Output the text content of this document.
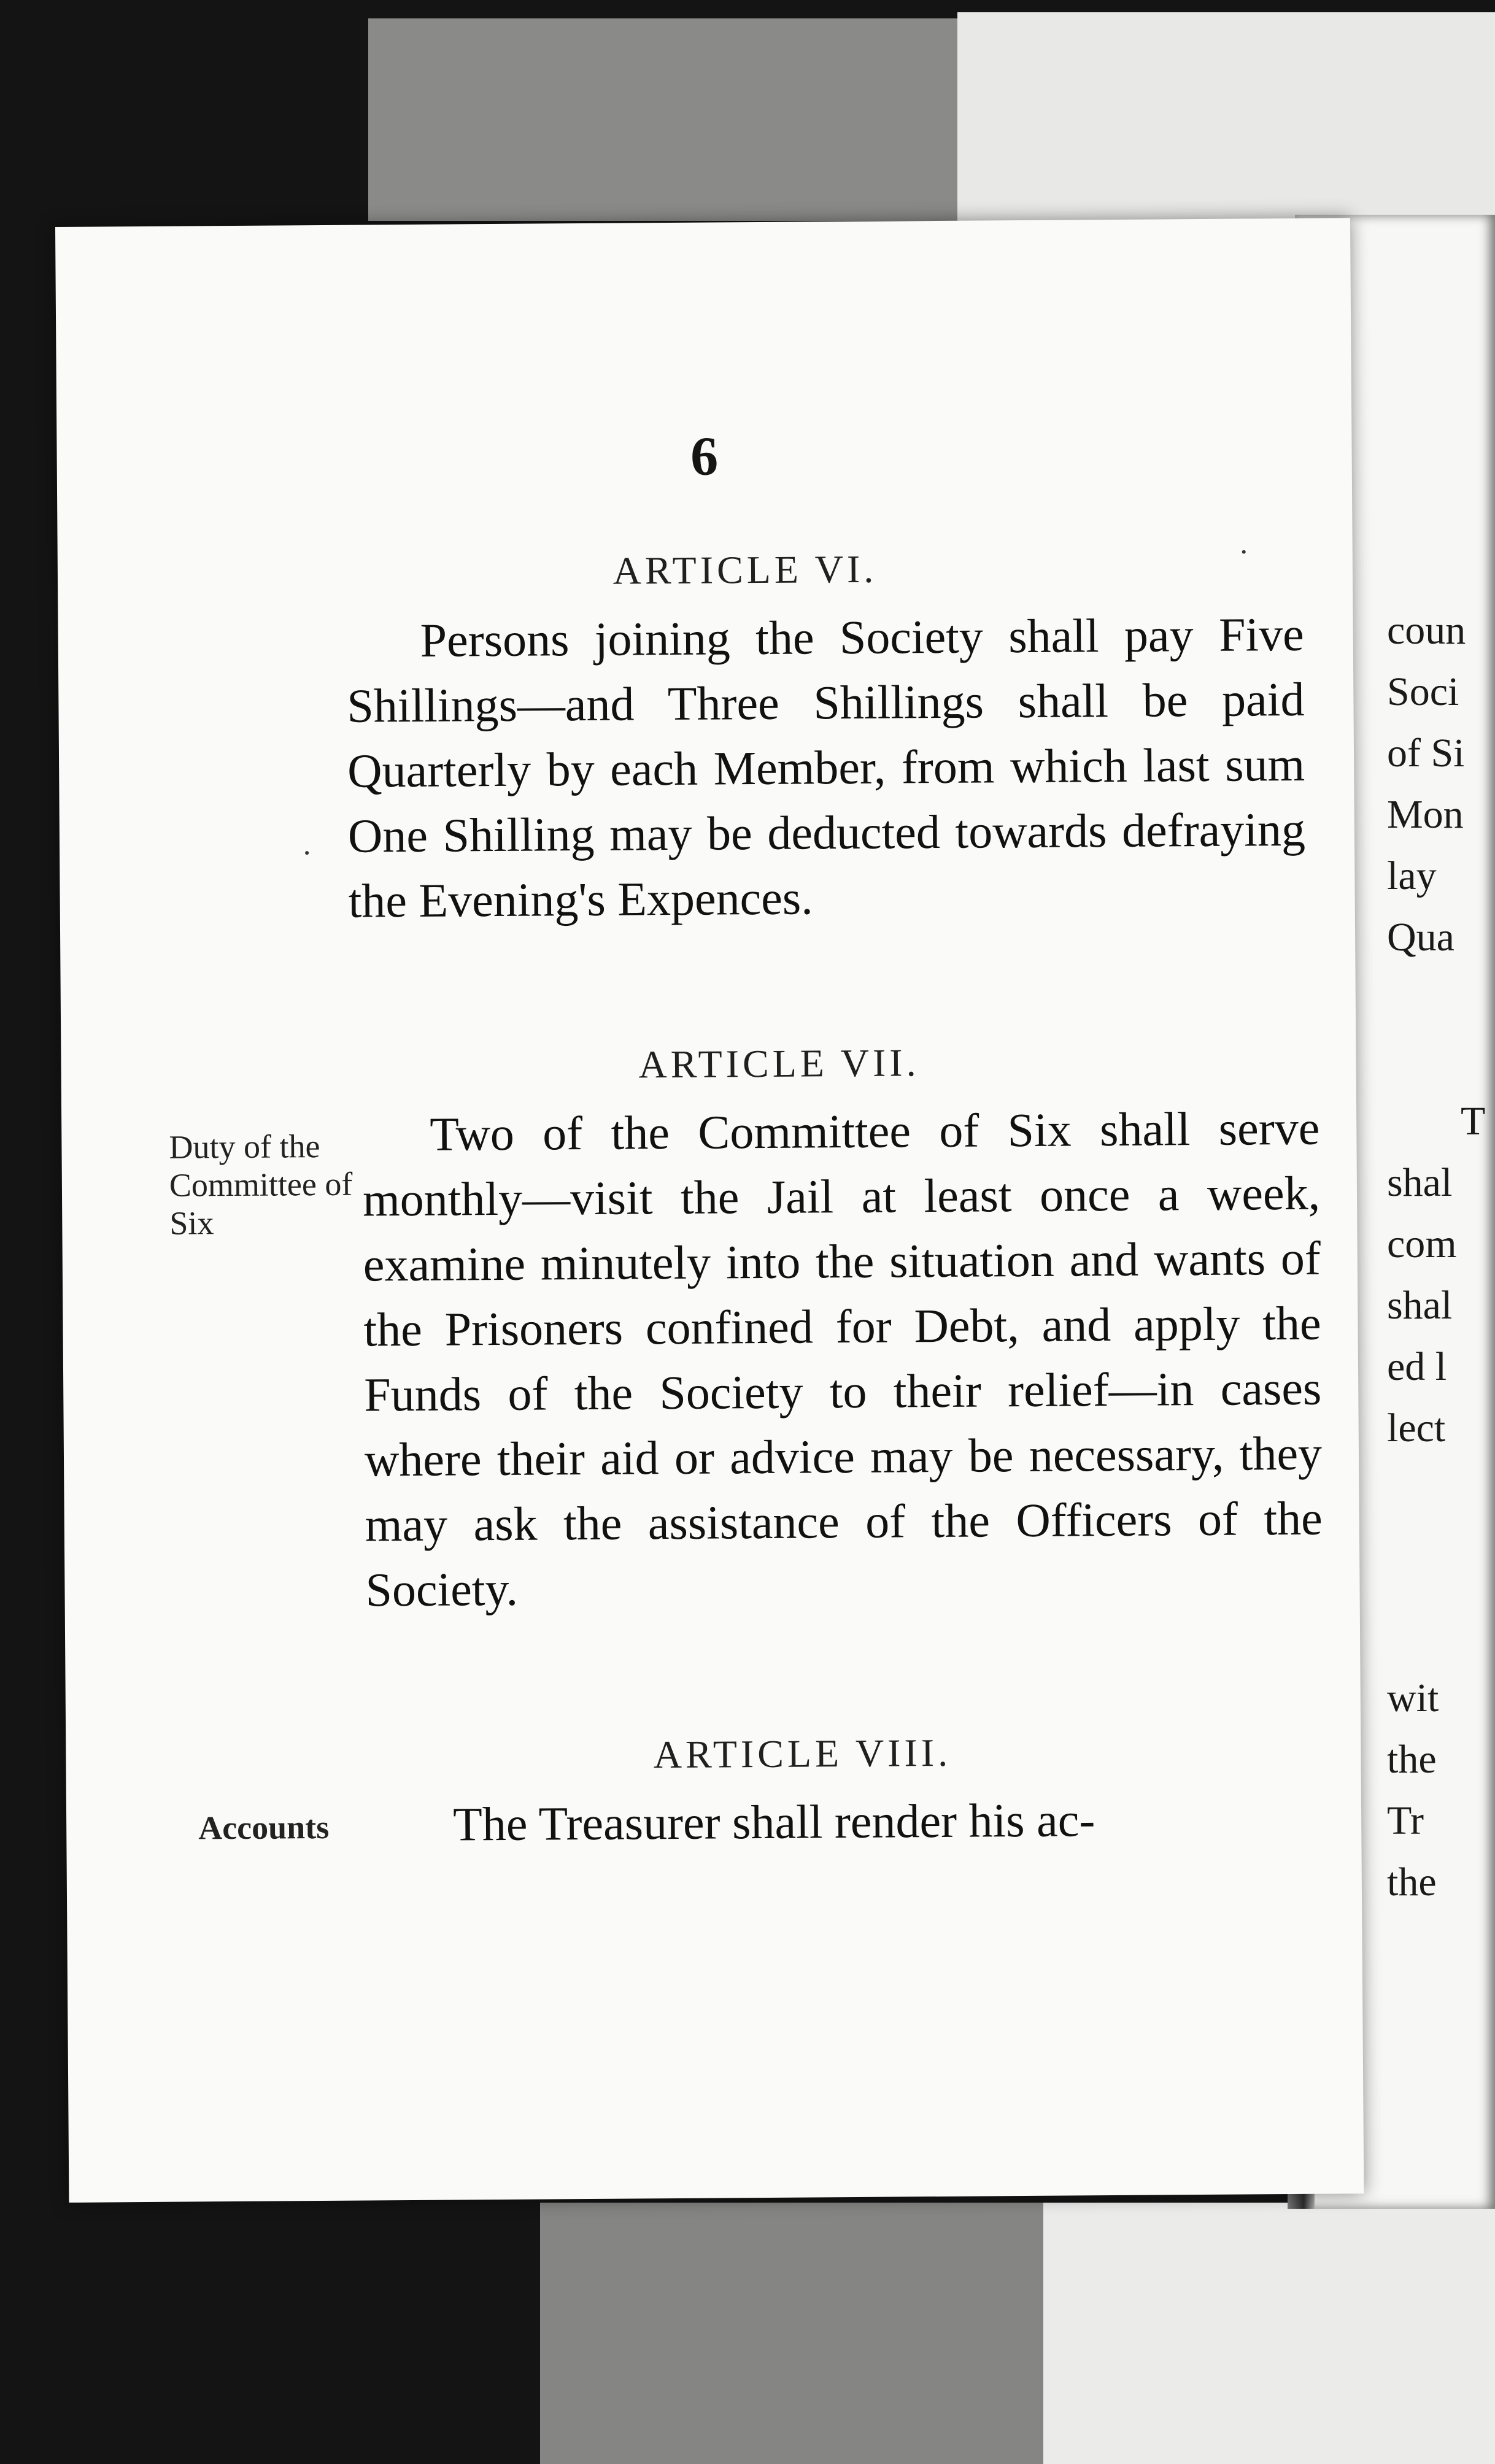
coun

Soci

of Si

Mon

lay

Qua

T

shal

com

shal

ed l

lect

wit

the

Tr

the

6

ARTICLE VI.

Persons joining the Society shall pay Five Shillings—and Three Shillings shall be paid Quarterly by each Member, from which last sum One Shilling may be deducted towards defraying the Evening's Expences.

ARTICLE VII.

Duty of the Committee of Six

Two of the Committee of Six shall serve monthly—visit the Jail at least once a week, examine minutely into the situation and wants of the Prisoners confined for Debt, and apply the Funds of the Society to their relief—in cases where their aid or advice may be necessary, they may ask the assistance of the Officers of the Society.

ARTICLE VIII.

Accounts	The Treasurer shall render his ac-
